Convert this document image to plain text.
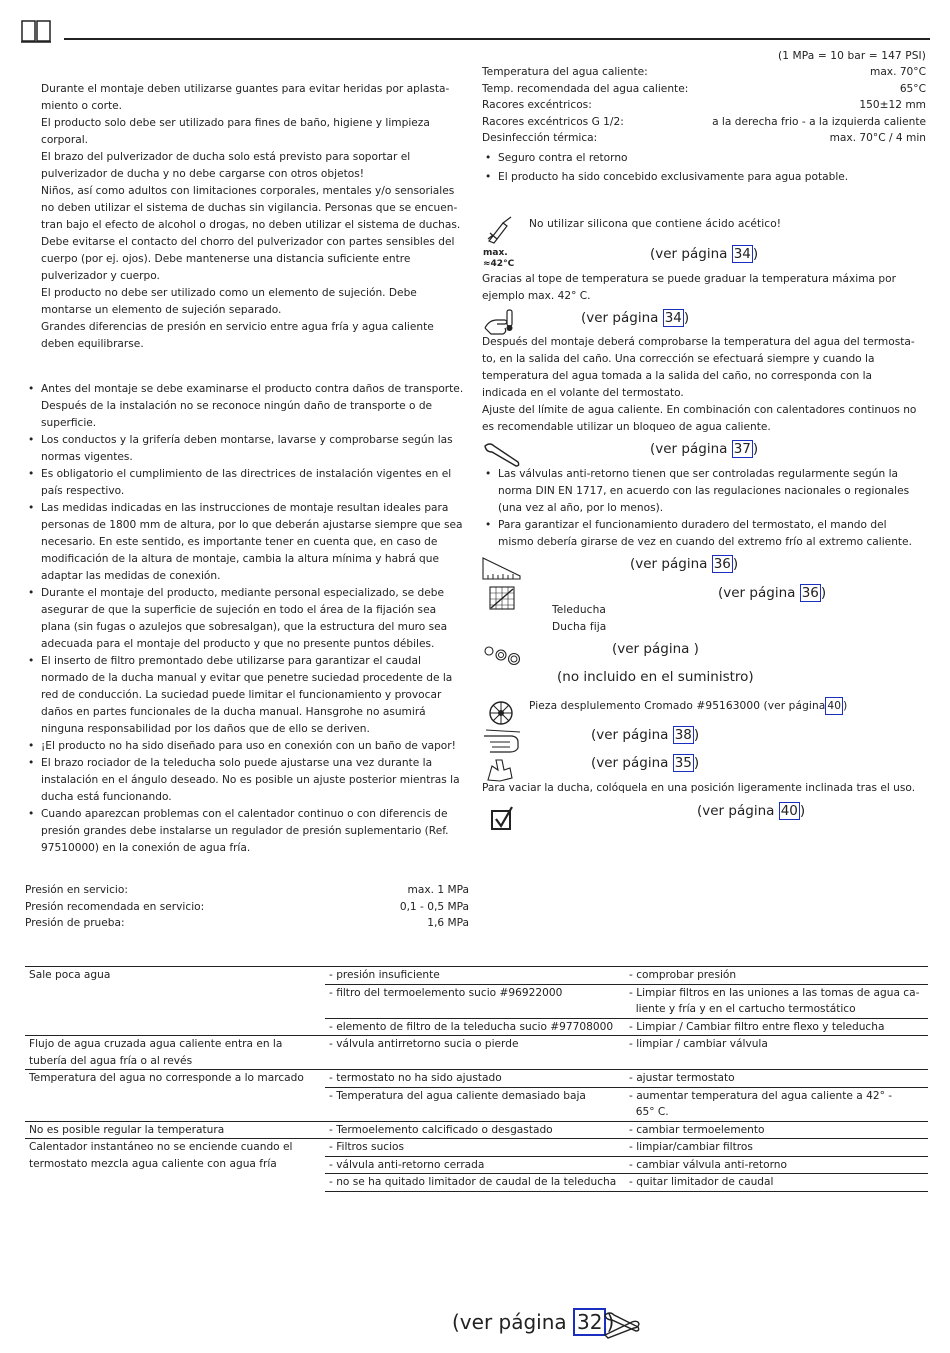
Durante el montaje deben utilizarse guantes para evitar heridas por aplasta-
miento o corte.
El producto solo debe ser utilizado para fines de baño, higiene y limpieza
corporal.
El brazo del pulverizador de ducha solo está previsto para soportar el
pulverizador de ducha y no debe cargarse con otros objetos!
Niños, así como adultos con limitaciones corporales, mentales y/o sensoriales
no deben utilizar el sistema de duchas sin vigilancia. Personas que se encuen-
tran bajo el efecto de alcohol o drogas, no deben utilizar el sistema de duchas.
Debe evitarse el contacto del chorro del pulverizador con partes sensibles del
cuerpo (por ej. ojos). Debe mantenerse una distancia suficiente entre
pulverizador y cuerpo.
El producto no debe ser utilizado como un elemento de sujeción. Debe
montarse un elemento de sujeción separado.
Grandes diferencias de presión en servicio entre agua fría y agua caliente
deben equilibrarse.
• Antes del montaje se debe examinarse el producto contra daños de transporte.
Después de la instalación no se reconoce ningún daño de transporte o de
superficie.
• Los conductos y la grifería deben montarse, lavarse y comprobarse según las
normas vigentes.
• Es obligatorio el cumplimiento de las directrices de instalación vigentes en el
país respectivo.
• Las medidas indicadas en las instrucciones de montaje resultan ideales para
personas de 1800 mm de altura, por lo que deberán ajustarse siempre que sea
necesario. En este sentido, es importante tener en cuenta que, en caso de
modificación de la altura de montaje, cambia la altura mínima y habrá que
adaptar las medidas de conexión.
• Durante el montaje del producto, mediante personal especializado, se debe
asegurar de que la superficie de sujeción en todo el área de la fijación sea
plana (sin fugas o azulejos que sobresalgan), que la estructura del muro sea
adecuada para el montaje del producto y que no presente puntos débiles.
• El inserto de filtro premontado debe utilizarse para garantizar el caudal
normado de la ducha manual y evitar que penetre suciedad procedente de la
red de conducción. La suciedad puede limitar el funcionamiento y provocar
daños en partes funcionales de la ducha manual. Hansgrohe no asumirá
ninguna responsabilidad por los daños que de ello se deriven.
• ¡El producto no ha sido diseñado para uso en conexión con un baño de vapor!
• El brazo rociador de la teleducha solo puede ajustarse una vez durante la
instalación en el ángulo deseado. No es posible un ajuste posterior mientras la
ducha está funcionando.
• Cuando aparezcan problemas con el calentador continuo o con diferencis de
presión grandes debe instalarse un regulador de presión suplementario (Ref.
97510000) en la conexión de agua fría.
Presión en servicio:	max. 1 MPa
Presión recomendada en servicio:	0,1 - 0,5 MPa
Presión de prueba:	1,6 MPa
(1 MPa = 10 bar = 147 PSI)
Temperatura del agua caliente:	max. 70°C
Temp. recomendada del agua caliente:	65°C
Racores excéntricos:	150±12 mm
Racores excéntricos G 1/2:	a la derecha frio - a la izquierda caliente
Desinfección térmica:	max. 70°C / 4 min
• Seguro contra el retorno
• El producto ha sido concebido exclusivamente para agua potable.
No utilizar silicona que contiene ácido acético!
max.
≈42°C
(ver página 34 )
Gracias al tope de temperatura se puede graduar la temperatura máxima por
ejemplo max. 42° C.
(ver página 34 )
Después del montaje deberá comprobarse la temperatura del agua del termosta-
to, en la salida del caño. Una corrección se efectuará siempre y cuando la
temperatura del agua tomada a la salida del caño, no corresponda con la
indicada en el volante del termostato.
Ajuste del límite de agua caliente. En combinación con calentadores continuos no
es recomendable utilizar un bloqueo de agua caliente.
(ver página 37 )
• Las válvulas anti-retorno tienen que ser controladas regularmente según la
norma DIN EN 1717, en acuerdo con las regulaciones nacionales o regionales
(una vez al año, por lo menos).
• Para garantizar el funcionamiento duradero del termostato, el mando del
mismo debería girarse de vez en cuando del extremo frío al extremo caliente.
(ver página 36 )
(ver página 36 )
Teleducha
Ducha fija
(ver página )
(no incluido en el suministro)
Pieza desplulemento Cromado #95163000 (ver página 40 )
(ver página 38 )
(ver página 35 )
Para vaciar la ducha, colóquela en una posición ligeramente inclinada tras el uso.
(ver página 40 )
Sale poca agua	- presión insuficiente	- comprobar presión
	- filtro del termoelemento sucio #96922000	- Limpiar filtros en las uniones a las tomas de agua ca-
liente y fría y en el cartucho termostático
	- elemento de filtro de la teleducha sucio #97708000	- Limpiar / Cambiar filtro entre flexo y teleducha
Flujo de agua cruzada agua caliente entra en la
tubería del agua fría o al revés	- válvula antirretorno sucia o pierde	- limpiar / cambiar válvula
Temperatura del agua no corresponde a lo marcado	- termostato no ha sido ajustado	- ajustar termostato
	- Temperatura del agua caliente demasiado baja	- aumentar temperatura del agua caliente a 42° -
65° C.
No es posible regular la temperatura	- Termoelemento calcificado o desgastado	- cambiar termoelemento
Calentador instantáneo no se enciende cuando el
termostato mezcla agua caliente con agua fría	- Filtros sucios	- limpiar/cambiar filtros
	- válvula anti-retorno cerrada	- cambiar válvula anti-retorno
	- no se ha quitado limitador de caudal de la teleducha	- quitar limitador de caudal
(ver página 32 )
